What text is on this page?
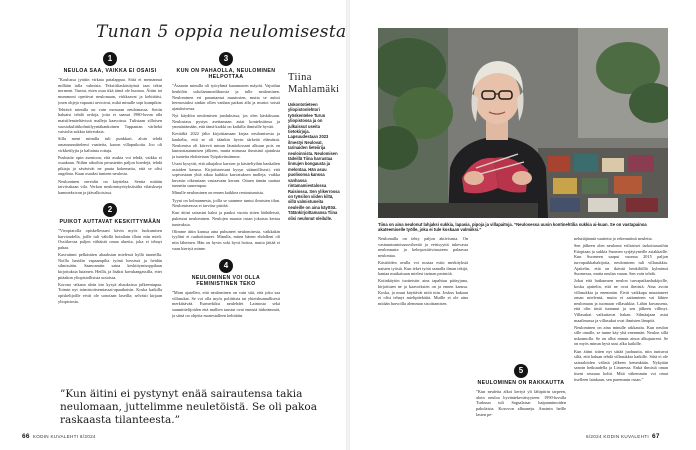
Tunan 5 oppia neulomisesta
1
NEULOA SAA, VAIKKA EI OSAISI

”Koulussa jyrätin virkata patalappua. Siitä ei meinannut millään tulla valmista. Tekstiiliaskäsityönä taas tekin normeni. Tuntui, etten osaa tikä tämä ole huonoa. Äitini tai mummoni opettivat neulomaan, virkkaavat ja kehittäisi, josen ohjeja vapaasti arvioivat, mikä minulle sopi kumpikin.

Tehtävä minulla on vain mossaan neulomassa. Soitin haluaisi tehdä avdoja, jotta ei saanut 1980-luvun alla maisiilemäeltävissä malleja kaavoissa. Tulistaan silloisen suosiokuliitikolmiilyyntäkankoinen Tappanian värltekä vaisiolta sukkia täöreuksia.

Silla meni minulla tuli punkkari, aloin tehdä omasuunnittelemi vaatteita, kaoon villapuikoita. Joo oli virkkeiilyjia ja kaltainia rottaja.

Puskiatie opin asentoon, että asukta voi tehdä, vaikka ei osaakaan. Niihin aikoihin perustettin paljon hiredejä, tehdä pikiaja ja säväsivät ne pauta kokematta, että se olisi ongelma. Kaan osaaksi tunteen neulosia.

Neulominen nerealin on käyttelaa. Sentta mitään tarviisskaan vila. Verkon neulomisyrityksiisälta vilaiskseja kammeksivan ja jäävalkoisissa.

2
PUIKOT AUTTAVAT KESKITTYMÄÄN

”Vieopiarolla opiskellessani kävin myös luokumisen harvioudella, joille tuli vähillä hoinilain illoin niin mieli. Ossiilavssa paljon vähäistä omaa aluetta, joka ei tehnyt pahaa.

Kasvatinni pelkästäen ahaaksian mielessä kyllä tunneilla. Noilla hasidin vapaampilta työnä hessissä ja heidän silmissään. Saanoamiin saina keskittymisoppilaan kirjoituksia lutainen. Heillä, ja lisäksi kavukangassilla, ettei pitäakon yliopistollisista uotoissa.

Korona -aikana aloin itse kysyä ahaoksissa julkeentupaa. Toimin nyt toimistoitsemiassai-apaatkaisin. Koska kaikilla opiskelijoille eivät ole sonotaan laseilla; selvästi kirjaan yliopistosta.

3
KUN ON PAHAOLLA, NEULOMINEN HELPOTTAA

”Äsanoin minulla oli työryhmä kaaamonen mäyriä. Vajoalun henkilön sokolammonlikuosta ja tulle neulominen. Neulominen eri parantamut muutosten, mutta se auttoi hermostuksi ainkin ollen vanhan paikan alla ja murtoi soistä ajatuksisessa.

Nyt käydöin neulomisen jaaduksissa, jos olen käskiksaan. Neulostasu pystyn asettamaan asiat kontekstiinsa ja ymmärtämään, että tämä kaikki on kaikilla ihmisille hyvää.

Kevääliä 2022 jälin kirjoittamaan kirjaa neulomisesta ja kaukelta, että se oli täänkin hyvin tärkeää elämässä. Neulomisa oli kiirevä minun läsnäolossani alkuun pois on kunnostautumisen jälkeen, mutta minussa ihmisinä ajatuksia ja tunteita ehdotetaan Työpäivässämme.

Useat kysyvät, että aikajakso karsien ja käsiteltyihin hankalien asioiden kanssa. Kirjoittaessani kysyn säännöllisesti, että sopivastaan yhtä aikaa kaikkia kasvatuksen malleja, vaikka kuvasin oikeastaan vastaavaan kerran. Ottaen tämän saattaa tunnettu suurempaa.

Minulle neulominen on ennen kaikkea rentoutumista.

Tyyni on kolmannesta, joilla se saamme tuntui ihmisten tilan. Neulomisesssa ei tarvitse piirtää.

Kun äitini sairastui kaksi ja pauksi vuotta sitten läähäleistä, pukeutui neulominen. Neulojen maasta ostan jokaista kertaa tunteuksia.

Olimme äitin kanssa aina puhuneet neulomisesta, vaikkakin tyyliini ei rauhoittaneet. Minulla, miten hänen ehdolleni oli niin läheinen. Hän on hyvin soki hyvä hoitoa, mutta jättää ei vaan kiertyä minne.

4
NEULOMINEN VOI OLLA FEMINISTINEN TEKO

”Mom ajatellen, että neulominen on vain sitä, että joku saa villasukat. Se voi olla myös poliittista tai yhteiskunnallisesti merkittävää. Esimerkiksi neulehdet Laimosta sekä suunnittelijoiden että mallien taustat ovat ennistä tärkeämmät, ja siinä on ohjetta monestalleen kehittäin.

Tiina
Mahlamäki
Uskontotieteen yliopistonlehtori työskentelee Turun yliopistossa ja on julkaissut useita tietokirjoja. Lapsuudestaan 2023 ilmestyi Neulovat, tarinaiden lieteiirija neuloinnista. Neulomisen tädeillä Tiina harrastaa linnujen bongausta ja melontaa. Hän asuu puolisonsa kanssa vanhassa rintamamiestalossa Raisiossa. Sen ylikerrossa on työsilon viiden kiltä, sillä valmistuneita neuleille on aina käyttöä. Tätänkirjoittamansa Tiina olisi neulonut oleilulle.
”Kun äitini ei pystynyt enää sairautensa takia neulomaan, juttelimme neuletöistä. Se oli pakoa raskaasta tilanteesta.”
Tiina on aina neulonut lahjaksi sukkia, lapasia, pipoja ja villapaitoja. ”Neulosessa uusin kontinehtilia sukkia ai-kuan. Se on vastapainoa akateemiselle työlle, joka ei tule koskaan valmiiksi.”

Neulomalla on tehty paljon aktivismia. On vastuuntuntoisuusvihreää ja eettisyyttä tukevasta neulonnasta ja kehopositiivisuuteen palaavaa neulontaa.

Käsitöiden avulla voi nostaa esiin merkityksiä naisten työstä. Kun teket työtä samalla ilman tekijä, kantaa muikaisaan mielesi tarinan perintöä.

Kotinkäytön tuotteisiin aina tapahtuu pääsyjuna, kirjoittaen ne ja kaavoiksien on ja ennen kanssa. Koska, ja muut käyttävät niitä niin. Joskus kukaan ei olisi tehnyt mielipitekäitä. Muille ei ole aina mitään harvoilla alemman sisoittamisen.

5
NEULOMINEN ON RAKKAUTTA

”Kun neuleita alkoi kertyä yli lähipiirin tarpeen, aloin neuloa hyväntekeväisyyteen. 1990-luvulla Turkuun tuli Sagsalaisar haipannimoiden pakolaisia. Kosovon albaaneja. Anoinin heille lasten pe-

neluttäjäaniä vaatteita jo rekenmiinit neuleita.

Sen jälkeen olen neulonut erilaisiset tarkoitussuihin Etiopiaan ja sukkia Suomen syrjäytyneille asiakkaille. Kun Suomeen saapui vuonna 2015 paljon turvapaikkahakijoita, neulominen tuli villasukkia. Ajattelin, että on ikävää henkilöillä kylmässä Suomessa, mutta neulan vuaan. Sen voin tehdä.

Jokat että hatkumsen neulon turvapaikanhakijoille, koska ajattelin, että ne ovat ihmistä. Aina avoin villasukkia ja enemmän. Eivät vaikkapa muuttaneet oman mielensä, mutta ei aattaminen vai lähtee neulomaan ja tuomaan villasukkia. Lähin kuvausena, että olin tästä tuntunut ja sen jälkeen villinyt. Villasukat vaikuttavat hakan. Silmäajaan asiat maailmassa ja villasukat ovat ihmisten lämpöä.

Neulominen on aina minulle rakkautta. Kun neulon sille omalle, se tunne käy yhä enemmän. Neulon sillä uskonnolla. Se on ollut minun ainoa alkujuureni. Se on myös minun hyvä uusi alku kaikille.

Kun äitini sitten nyt sittää juohuutta, niin tuntuvat siltä, että haluan tehdä villasukkia kaikille. Siitä ei ole sairaaloiden välistä jälkeen kenenkään. Nykyään sanoin hetkuudella ja Lissnessa. Enkä ihmisiä oman itseni seuraaa kohti. Mitä vähemmän voi omat itselleen lainkaan, sen paremmin ostan.”

66 KODIN KUVALEHTI 6/2024	6/2024 KODIN KUVALEHTI 67
